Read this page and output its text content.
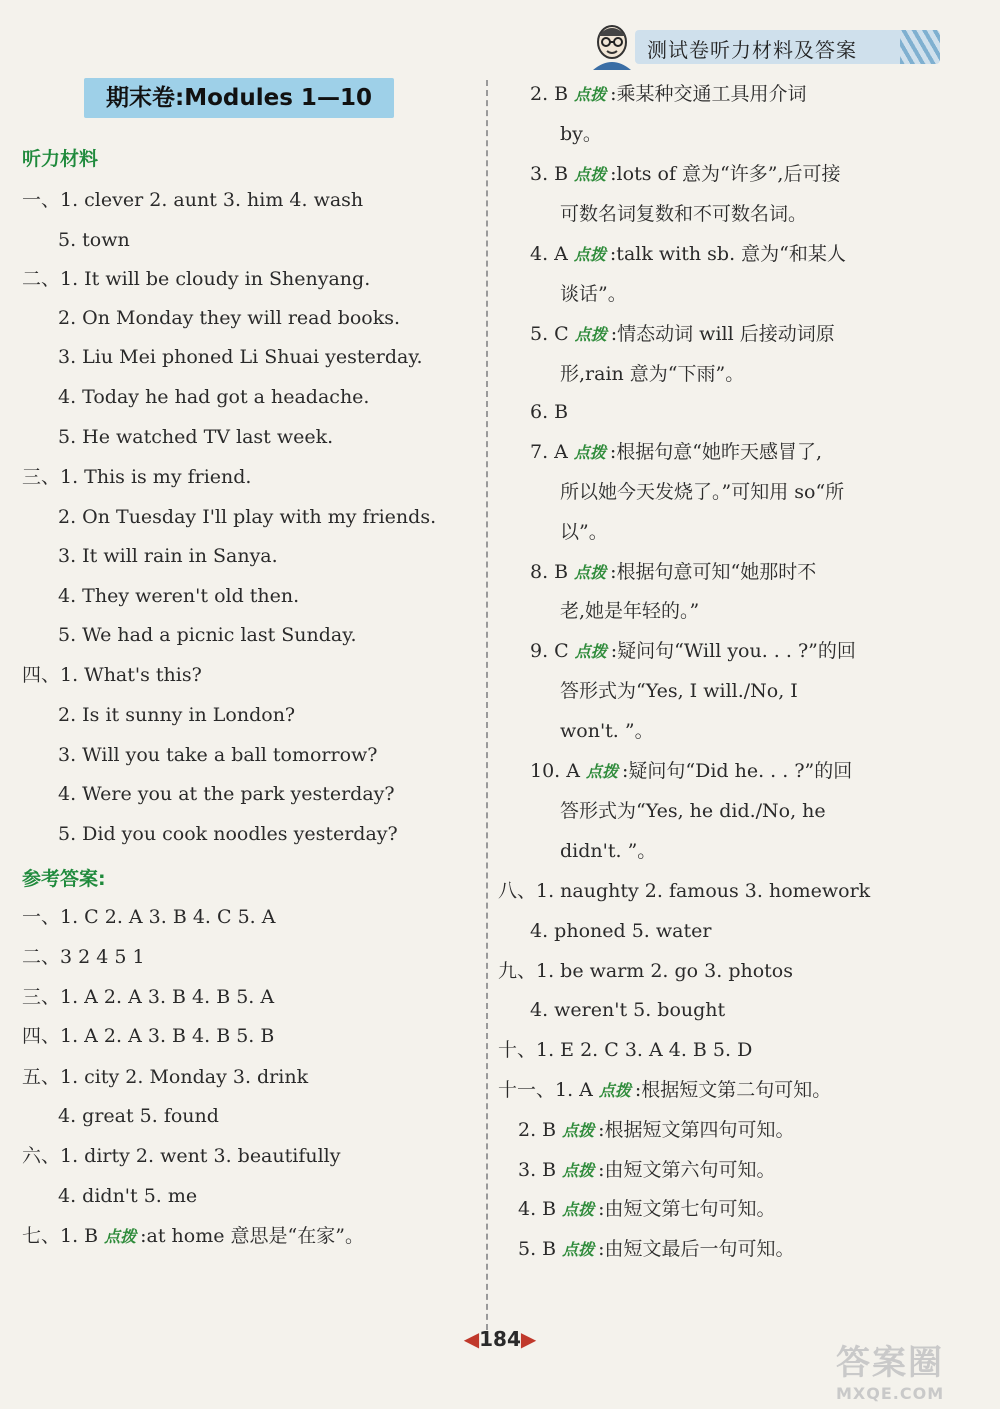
测试卷听力材料及答案
期末卷:Modules 1—10
听力材料
一、1. clever 2. aunt 3. him 4. wash
5. town
二、1. It will be cloudy in Shenyang.
2. On Monday they will read books.
3. Liu Mei phoned Li Shuai yesterday.
4. Today he had got a headache.
5. He watched TV last week.
三、1. This is my friend.
2. On Tuesday I'll play with my friends.
3. It will rain in Sanya.
4. They weren't old then.
5. We had a picnic last Sunday.
四、1. What's this?
2. Is it sunny in London?
3. Will you take a ball tomorrow?
4. Were you at the park yesterday?
5. Did you cook noodles yesterday?
参考答案:
一、1. C 2. A 3. B 4. C 5. A
二、3 2 4 5 1
三、1. A 2. A 3. B 4. B 5. A
四、1. A 2. A 3. B 4. B 5. B
五、1. city 2. Monday 3. drink
4. great 5. found
六、1. dirty 2. went 3. beautifully
4. didn't 5. me
七、1. B 点拨 :at home 意思是“在家”。
2. B 点拨 :乘某种交通工具用介词
by。
3. B 点拨 :lots of 意为“许多”,后可接
可数名词复数和不可数名词。
4. A 点拨 :talk with sb. 意为“和某人
谈话”。
5. C 点拨 :情态动词 will 后接动词原
形,rain 意为“下雨”。
6. B
7. A 点拨 :根据句意“她昨天感冒了,
所以她今天发烧了。”可知用 so“所
以”。
8. B 点拨 :根据句意可知“她那时不
老,她是年轻的。”
9. C 点拨 :疑问句“Will you. . . ?”的回
答形式为“Yes, I will./No, I
won't. ”。
10. A 点拨 :疑问句“Did he. . . ?”的回
答形式为“Yes, he did./No, he
didn't. ”。
八、1. naughty 2. famous 3. homework
4. phoned 5. water
九、1. be warm 2. go 3. photos
4. weren't 5. bought
十、1. E 2. C 3. A 4. B 5. D
十一、1. A 点拨 :根据短文第二句可知。
2. B 点拨 :根据短文第四句可知。
3. B 点拨 :由短文第六句可知。
4. B 点拨 :由短文第七句可知。
5. B 点拨 :由短文最后一句可知。
◀184▶
答案圈
MXQE.COM
